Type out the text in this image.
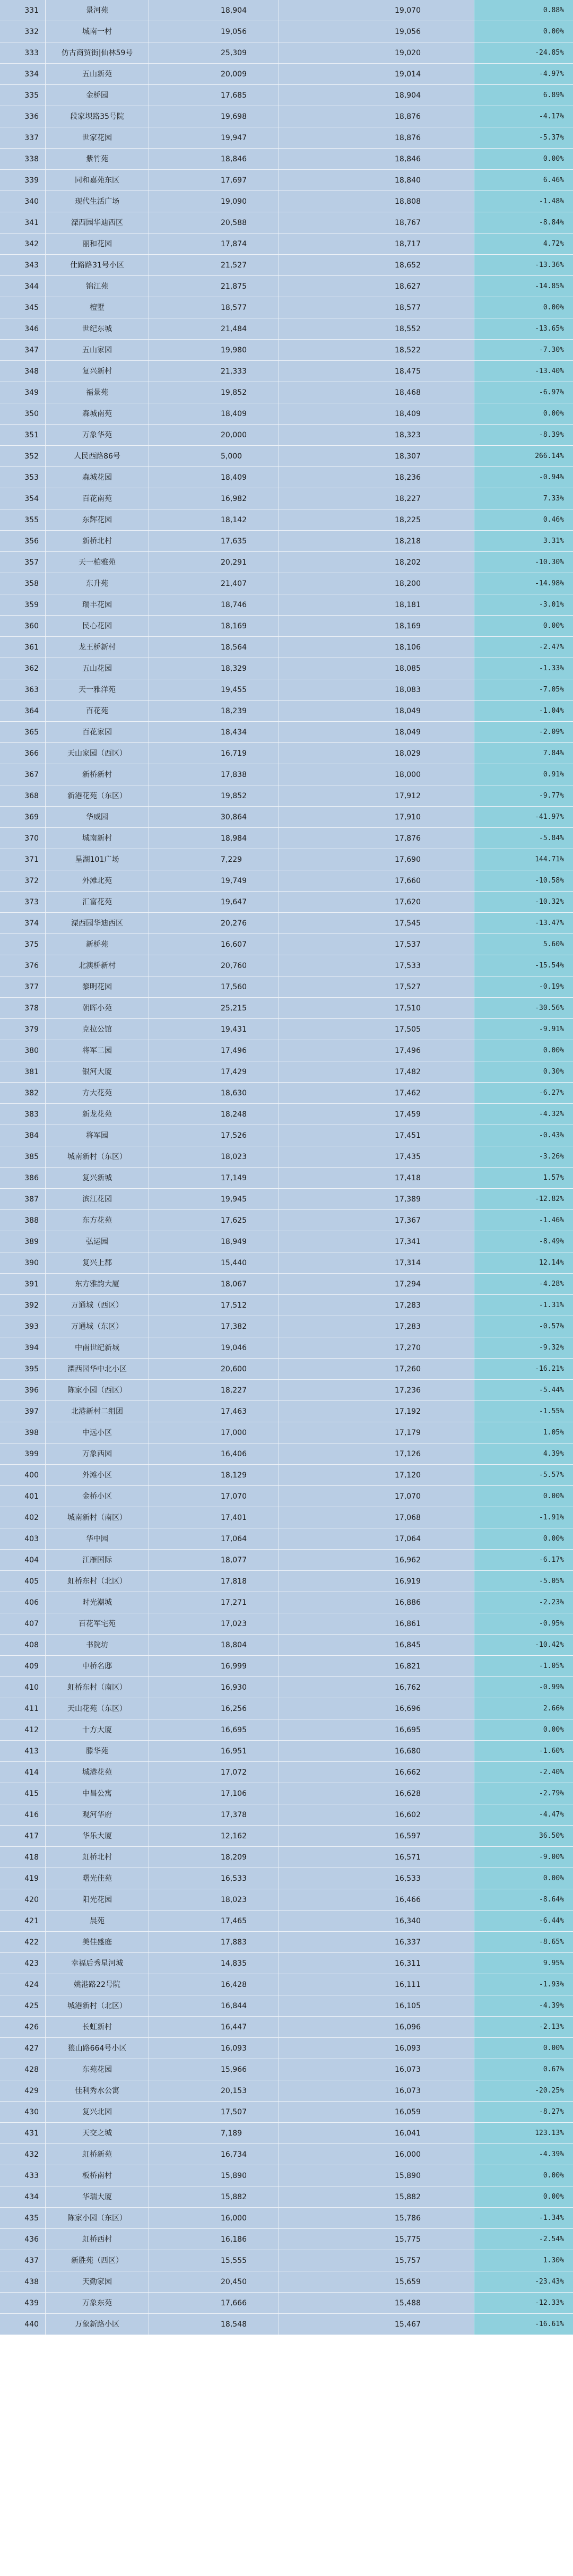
331	景河苑	18,904	19,070	0.88%
332	城南一村	19,056	19,056	0.00%
333	仿古商贸街|仙林59号	25,309	19,020	-24.85%
334	五山新苑	20,009	19,014	-4.97%
335	金桥园	17,685	18,904	6.89%
336	段家坝路35号院	19,698	18,876	-4.17%
337	世家花园	19,947	18,876	-5.37%
338	紫竹苑	18,846	18,846	0.00%
339	同和嘉苑东区	17,697	18,840	6.46%
340	现代生活广场	19,090	18,808	-1.48%
341	溧西园华迪西区	20,588	18,767	-8.84%
342	丽和花园	17,874	18,717	4.72%
343	仕路路31号小区	21,527	18,652	-13.36%
344	锦江苑	21,875	18,627	-14.85%
345	檀墅	18,577	18,577	0.00%
346	世纪东城	21,484	18,552	-13.65%
347	五山家园	19,980	18,522	-7.30%
348	复兴新村	21,333	18,475	-13.40%
349	福景苑	19,852	18,468	-6.97%
350	森城南苑	18,409	18,409	0.00%
351	万象华苑	20,000	18,323	-8.39%
352	人民西路86号	5,000	18,307	266.14%
353	森城花园	18,409	18,236	-0.94%
354	百花南苑	16,982	18,227	7.33%
355	东辉花园	18,142	18,225	0.46%
356	新桥北村	17,635	18,218	3.31%
357	天一柏雅苑	20,291	18,202	-10.30%
358	东升苑	21,407	18,200	-14.98%
359	瑞丰花园	18,746	18,181	-3.01%
360	民心花园	18,169	18,169	0.00%
361	龙王桥新村	18,564	18,106	-2.47%
362	五山花园	18,329	18,085	-1.33%
363	天一雅洋苑	19,455	18,083	-7.05%
364	百花苑	18,239	18,049	-1.04%
365	百花家园	18,434	18,049	-2.09%
366	天山家园（西区）	16,719	18,029	7.84%
367	新桥新村	17,838	18,000	0.91%
368	新港花苑（东区）	19,852	17,912	-9.77%
369	华威园	30,864	17,910	-41.97%
370	城南新村	18,984	17,876	-5.84%
371	星湖101广场	7,229	17,690	144.71%
372	外滩北苑	19,749	17,660	-10.58%
373	汇富花苑	19,647	17,620	-10.32%
374	溧西园华迪西区	20,276	17,545	-13.47%
375	新桥苑	16,607	17,537	5.60%
376	北澳桥新村	20,760	17,533	-15.54%
377	黎明花园	17,560	17,527	-0.19%
378	朝晖小苑	25,215	17,510	-30.56%
379	克拉公馆	19,431	17,505	-9.91%
380	将军二园	17,496	17,496	0.00%
381	银河大厦	17,429	17,482	0.30%
382	方大花苑	18,630	17,462	-6.27%
383	新龙花苑	18,248	17,459	-4.32%
384	将军园	17,526	17,451	-0.43%
385	城南新村（东区）	18,023	17,435	-3.26%
386	复兴新城	17,149	17,418	1.57%
387	滨江花园	19,945	17,389	-12.82%
388	东方花苑	17,625	17,367	-1.46%
389	弘运园	18,949	17,341	-8.49%
390	复兴上郡	15,440	17,314	12.14%
391	东方雅韵大厦	18,067	17,294	-4.28%
392	万通城（西区）	17,512	17,283	-1.31%
393	万通城（东区）	17,382	17,283	-0.57%
394	中南世纪新城	19,046	17,270	-9.32%
395	溧西园华中北小区	20,600	17,260	-16.21%
396	陈家小园（西区）	18,227	17,236	-5.44%
397	北港新村二组团	17,463	17,192	-1.55%
398	中远小区	17,000	17,179	1.05%
399	万象西园	16,406	17,126	4.39%
400	外滩小区	18,129	17,120	-5.57%
401	金桥小区	17,070	17,070	0.00%
402	城南新村（南区）	17,401	17,068	-1.91%
403	华中园	17,064	17,064	0.00%
404	江雁国际	18,077	16,962	-6.17%
405	虹桥东村（北区）	17,818	16,919	-5.05%
406	时光潮城	17,271	16,886	-2.23%
407	百花军宅苑	17,023	16,861	-0.95%
408	书院坊	18,804	16,845	-10.42%
409	中桥名邸	16,999	16,821	-1.05%
410	虹桥东村（南区）	16,930	16,762	-0.99%
411	天山花苑（东区）	16,256	16,696	2.66%
412	十方大厦	16,695	16,695	0.00%
413	滕华苑	16,951	16,680	-1.60%
414	城港花苑	17,072	16,662	-2.40%
415	中昌公寓	17,106	16,628	-2.79%
416	观河华府	17,378	16,602	-4.47%
417	华乐大厦	12,162	16,597	36.50%
418	虹桥北村	18,209	16,571	-9.00%
419	曙光佳苑	16,533	16,533	0.00%
420	阳光花园	18,023	16,466	-8.64%
421	晨苑	17,465	16,340	-6.44%
422	美佳盛庭	17,883	16,337	-8.65%
423	幸福后秀星河城	14,835	16,311	9.95%
424	姚港路22号院	16,428	16,111	-1.93%
425	城港新村（北区）	16,844	16,105	-4.39%
426	长虹新村	16,447	16,096	-2.13%
427	狼山路664号小区	16,093	16,093	0.00%
428	东苑花园	15,966	16,073	0.67%
429	佳利秀水公寓	20,153	16,073	-20.25%
430	复兴北园	17,507	16,059	-8.27%
431	天交之城	7,189	16,041	123.13%
432	虹桥新苑	16,734	16,000	-4.39%
433	板桥南村	15,890	15,890	0.00%
434	华瑞大厦	15,882	15,882	0.00%
435	陈家小园（东区）	16,000	15,786	-1.34%
436	虹桥西村	16,186	15,775	-2.54%
437	新胜苑（西区）	15,555	15,757	1.30%
438	天勤家园	20,450	15,659	-23.43%
439	万象东苑	17,666	15,488	-12.33%
440	万象新路小区	18,548	15,467	-16.61%
